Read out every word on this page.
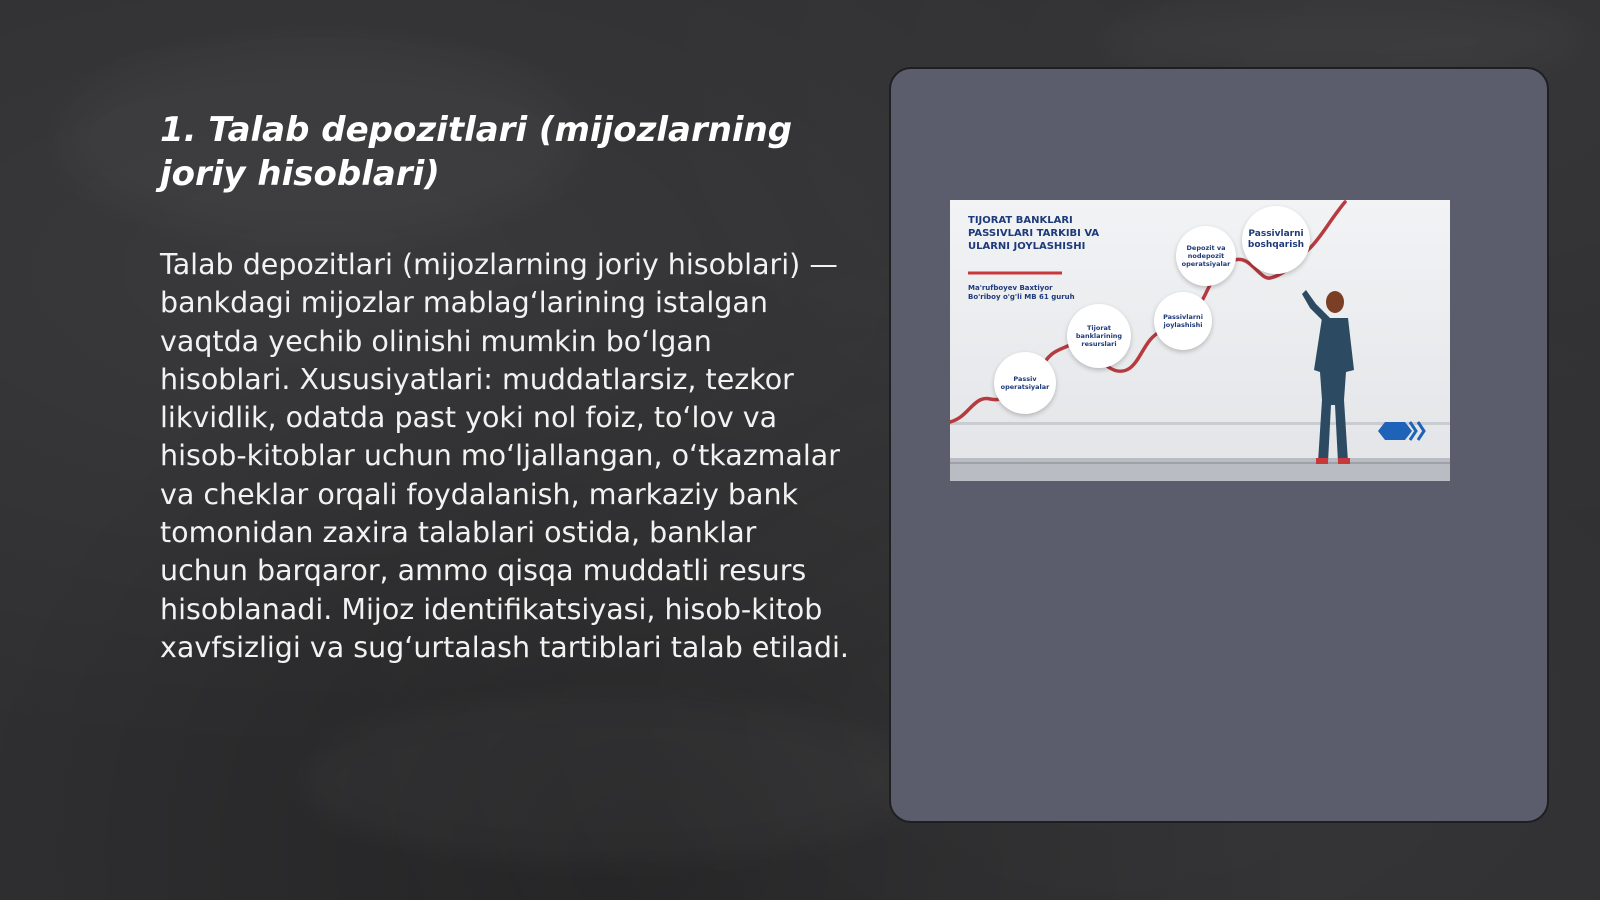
1. Talab depozitlari (mijozlarning joriy hisoblari)

Talab depozitlari (mijozlarning joriy hisoblari) — bankdagi mijozlar mablag‘larining istalgan vaqtda yechib olinishi mumkin bo‘lgan hisoblari. Xususiyatlari: muddatlarsiz, tezkor likvidlik, odatda past yoki nol foiz, to‘lov va hisob-kitoblar uchun mo‘ljallangan, o‘tkazmalar va cheklar orqali foydalanish, markaziy bank tomonidan zaxira talablari ostida, banklar uchun barqaror, ammo qisqa muddatli resurs hisoblanadi. Mijoz identifikatsiyasi, hisob-kitob xavfsizligi va sug‘urtalash tartiblari talab etiladi.

TIJORAT BANKLARI PASSIVLARI TARKIBI VA ULARNI JOYLASHISHI

Ma'rufboyev Baxtiyor Bo'riboy o'g'li MB 61 guruh

Passiv operatsiyalar
Tijorat banklarining resurslari
Passivlarni joylashishi
Depozit va nodepozit operatsiyalar
Passivlarni boshqarish
